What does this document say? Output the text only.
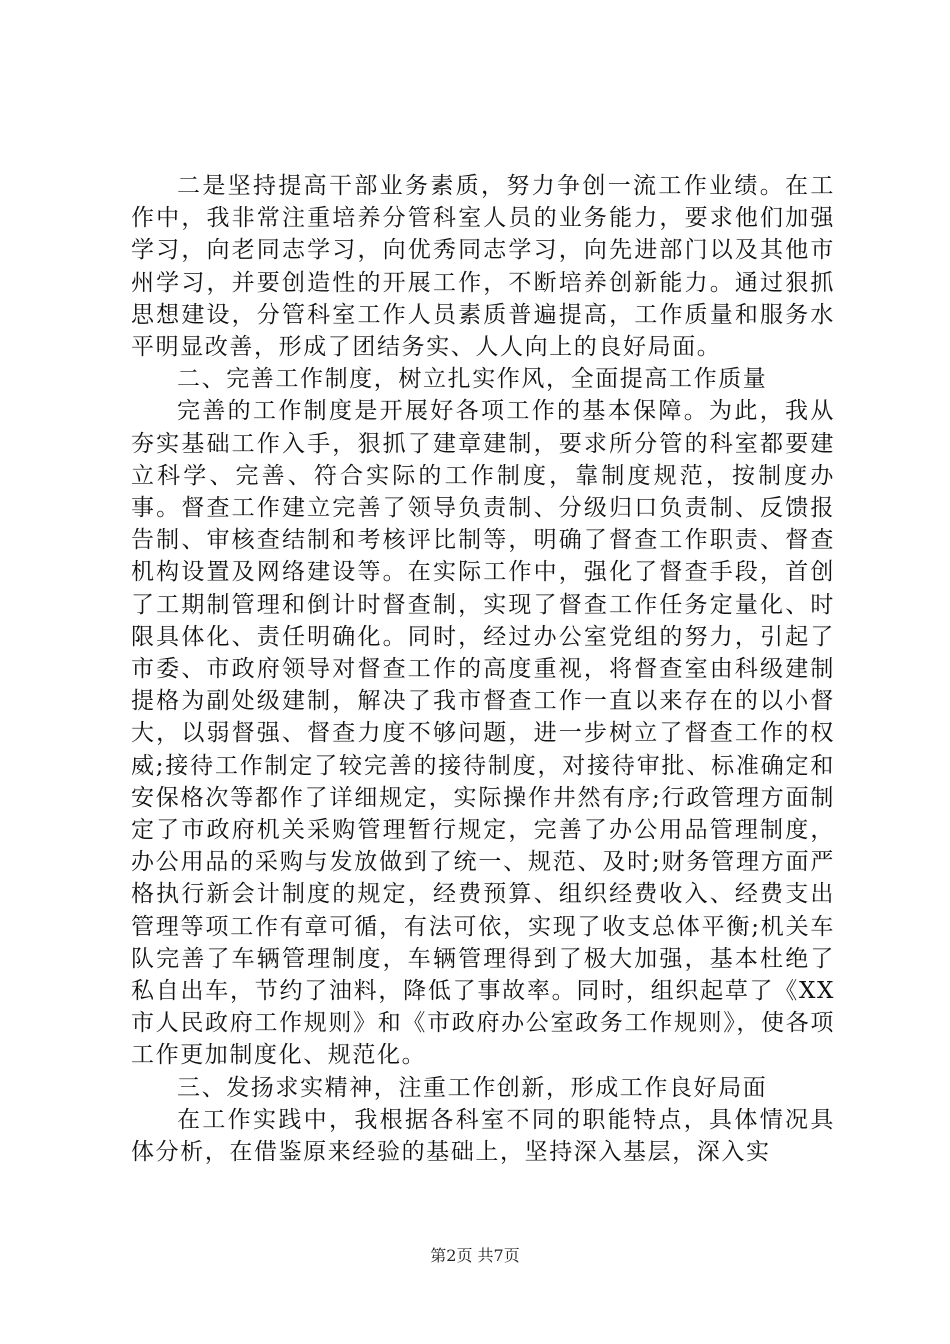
二是坚持提高干部业务素质，努力争创一流工作业绩。在工作中，我非常注重培养分管科室人员的业务能力，要求他们加强学习，向老同志学习，向优秀同志学习，向先进部门以及其他市州学习，并要创造性的开展工作，不断培养创新能力。通过狠抓思想建设，分管科室工作人员素质普遍提高，工作质量和服务水平明显改善，形成了团结务实、人人向上的良好局面。

二、完善工作制度，树立扎实作风，全面提高工作质量

完善的工作制度是开展好各项工作的基本保障。为此，我从夯实基础工作入手，狠抓了建章建制，要求所分管的科室都要建立科学、完善、符合实际的工作制度，靠制度规范，按制度办事。督查工作建立完善了领导负责制、分级归口负责制、反馈报告制、审核查结制和考核评比制等，明确了督查工作职责、督查机构设置及网络建设等。在实际工作中，强化了督查手段，首创了工期制管理和倒计时督查制，实现了督查工作任务定量化、时限具体化、责任明确化。同时，经过办公室党组的努力，引起了市委、市政府领导对督查工作的高度重视，将督查室由科级建制提格为副处级建制，解决了我市督查工作一直以来存在的以小督大，以弱督强、督查力度不够问题，进一步树立了督查工作的权威;接待工作制定了较完善的接待制度，对接待审批、标准确定和安保格次等都作了详细规定，实际操作井然有序;行政管理方面制定了市政府机关采购管理暂行规定，完善了办公用品管理制度，办公用品的采购与发放做到了统一、规范、及时;财务管理方面严格执行新会计制度的规定，经费预算、组织经费收入、经费支出管理等项工作有章可循，有法可依，实现了收支总体平衡;机关车队完善了车辆管理制度，车辆管理得到了极大加强，基本杜绝了私自出车，节约了油料，降低了事故率。同时，组织起草了《XX市人民政府工作规则》和《市政府办公室政务工作规则》，使各项工作更加制度化、规范化。

三、发扬求实精神，注重工作创新，形成工作良好局面

在工作实践中，我根据各科室不同的职能特点，具体情况具体分析，在借鉴原来经验的基础上，坚持深入基层，深入实

第2页 共7页
